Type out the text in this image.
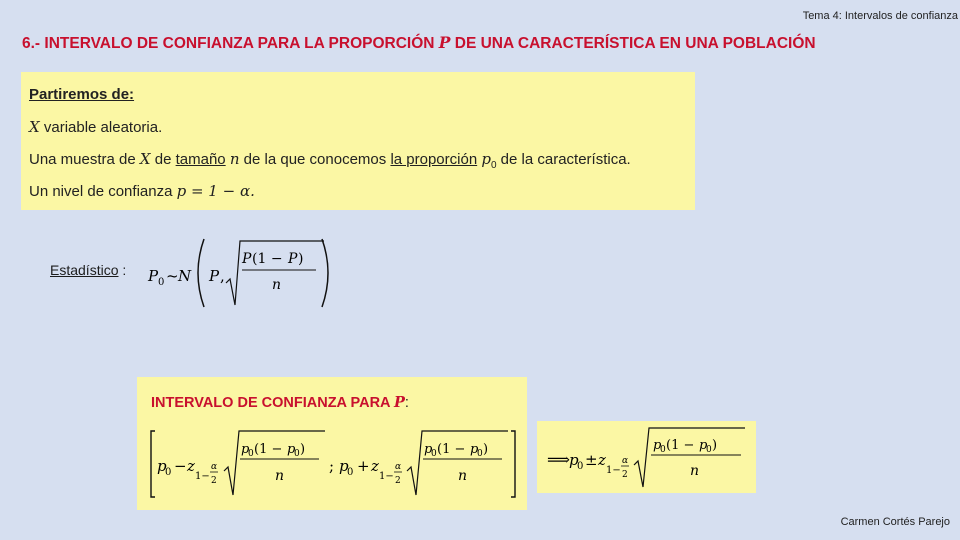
Tema 4: Intervalos de confianza
6.- INTERVALO DE CONFIANZA PARA LA PROPORCIÓN P DE UNA CARACTERÍSTICA EN UNA POBLACIÓN
Partiremos de:
X variable aleatoria.
Una muestra de X de tamaño n de la que conocemos la proporción $p_0$ de la característica.
Un nivel de confianza p = 1 − α.
Estadístico : P 0 ~ N P ,
P (1 − P )
n
INTERVALO DE CONFIANZA PARA P:
p
0 − z
1−
α
2
p
0 (1 − p
0 )
n
; p
0 + z
1−
α
2
p
0 (1 − p
0 )
n
⟹ p
0 ± z
1−
α
2
p
0 (1 − p
0 )
n
Carmen Cortés Parejo
